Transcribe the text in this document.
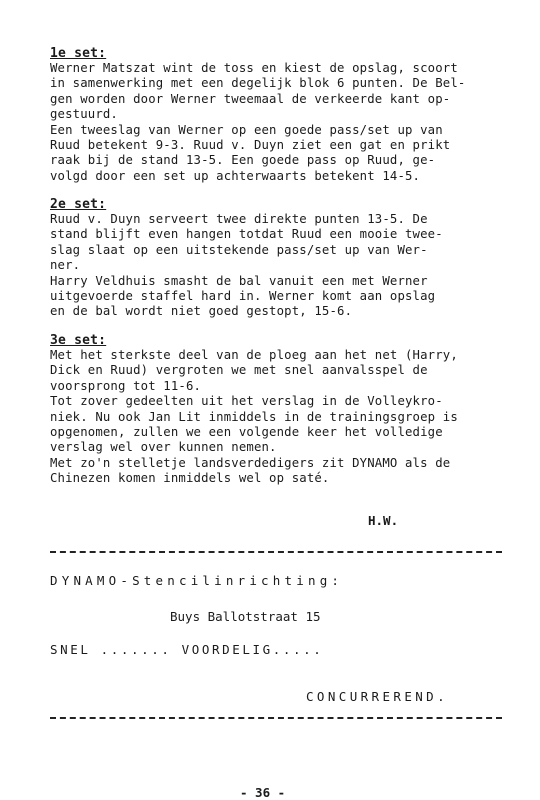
1e set:
Werner Matszat wint de toss en kiest de opslag, scoort
in samenwerking met een degelijk blok 6 punten. De Bel-
gen worden door Werner tweemaal de verkeerde kant op-
gestuurd.
Een tweeslag van Werner op een goede pass/set up van
Ruud betekent 9-3. Ruud v. Duyn ziet een gat en prikt
raak bij de stand 13-5. Een goede pass op Ruud, ge-
volgd door een set up achterwaarts betekent 14-5.
2e set:
Ruud v. Duyn serveert twee direkte punten 13-5. De
stand blijft even hangen totdat Ruud een mooie twee-
slag slaat op een uitstekende pass/set up van Wer-
ner.
Harry Veldhuis smasht de bal vanuit een met Werner
uitgevoerde staffel hard in. Werner komt aan opslag
en de bal wordt niet goed gestopt, 15-6.
3e set:
Met het sterkste deel van de ploeg aan het net (Harry,
Dick en Ruud) vergroten we met snel aanvalsspel de
voorsprong tot 11-6.
Tot zover gedeelten uit het verslag in de Volleykro-
niek. Nu ook Jan Lit inmiddels in de trainingsgroep is
opgenomen, zullen we een volgende keer het volledige
verslag wel over kunnen nemen.
Met zo'n stelletje landsverdedigers zit DYNAMO als de
Chinezen komen inmiddels wel op saté.
H.W.
DYNAMO-Stencilinrichting:
Buys Ballotstraat 15
SNEL ....... VOORDELIG.....
CONCURREREND.
- 36 -
